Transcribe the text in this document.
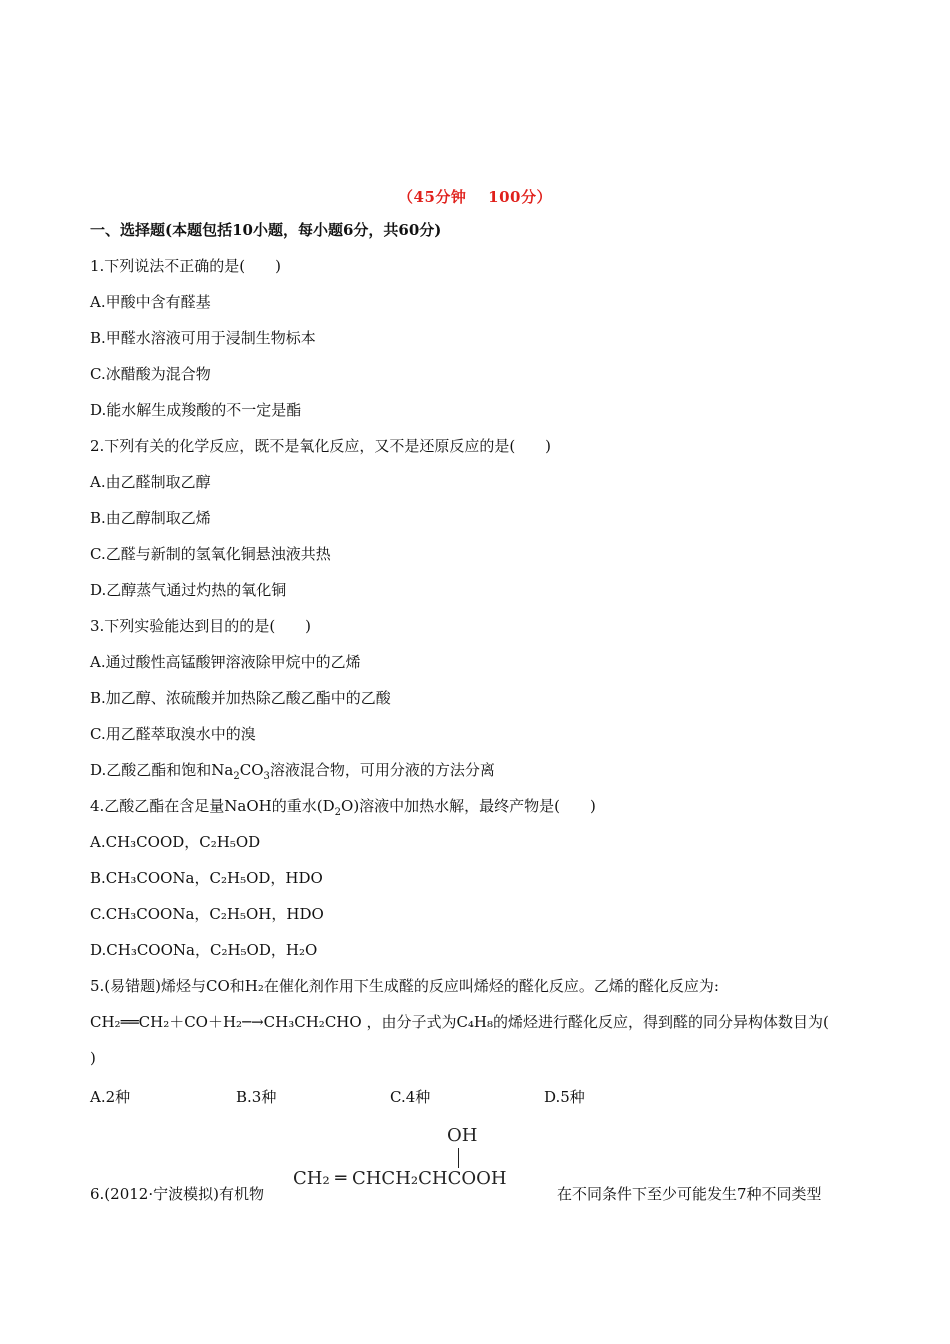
（45分钟 100分）
一、选择题(本题包括10小题，每小题6分，共60分)
1.下列说法不正确的是(　　)
A.甲酸中含有醛基
B.甲醛水溶液可用于浸制生物标本
C.冰醋酸为混合物
D.能水解生成羧酸的不一定是酯
2.下列有关的化学反应，既不是氧化反应，又不是还原反应的是(　　)
A.由乙醛制取乙醇
B.由乙醇制取乙烯
C.乙醛与新制的氢氧化铜悬浊液共热
D.乙醇蒸气通过灼热的氧化铜
3.下列实验能达到目的的是(　　)
A.通过酸性高锰酸钾溶液除甲烷中的乙烯
B.加乙醇、浓硫酸并加热除乙酸乙酯中的乙酸
C.用乙醛萃取溴水中的溴
D.乙酸乙酯和饱和$Na_2CO_3$溶液混合物，可用分液的方法分离
4.乙酸乙酯在含足量NaOH的重水$(D_2O)$溶液中加热水解，最终产物是(　　)
A.CH₃COOD，C₂H₅OD
B.CH₃COONa，C₂H₅OD，HDO
C.CH₃COONa，C₂H₅OH，HDO
D.CH₃COONa，C₂H₅OD，H₂O
5.(易错题)烯烃与CO和H₂在催化剂作用下生成醛的反应叫烯烃的醛化反应。乙烯的醛化反应为:
CH₂══CH₂＋CO＋H₂─→CH₃CH₂CHO ，由分子式为C₄H₈的烯烃进行醛化反应，得到醛的同分异构体数目为(
)
A.2种	B.3种	C.4种	D.5种
OH
CH₂ ═ CHCH₂CHCOOH
6.(2012·宁波模拟)有机物	在不同条件下至少可能发生7种不同类型
